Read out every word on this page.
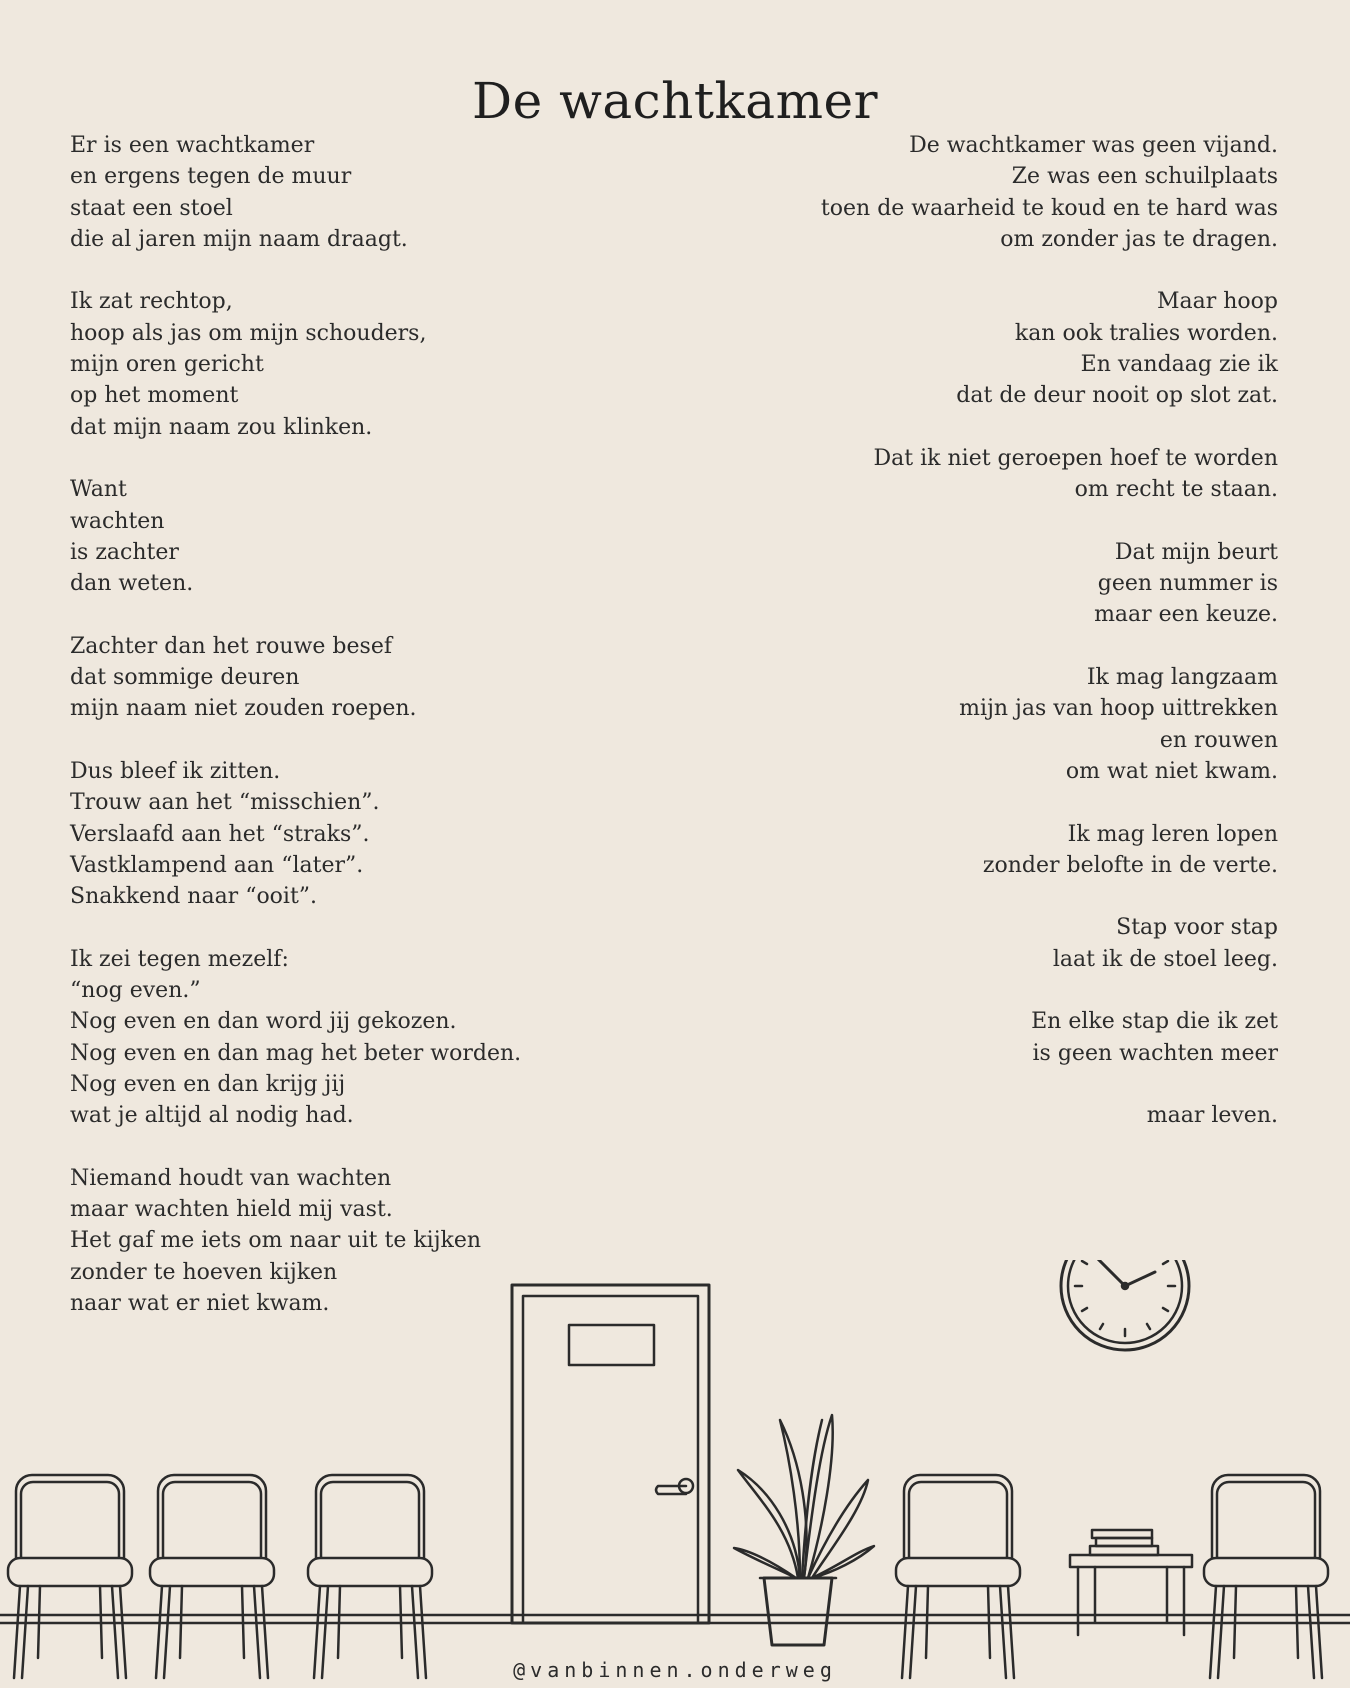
De wachtkamer
Er is een wachtkamer
en ergens tegen de muur
staat een stoel
die al jaren mijn naam draagt.
Ik zat rechtop,
hoop als jas om mijn schouders,
mijn oren gericht
op het moment
dat mijn naam zou klinken.
Want
wachten
is zachter
dan weten.
Zachter dan het rouwe besef
dat sommige deuren
mijn naam niet zouden roepen.
Dus bleef ik zitten.
Trouw aan het “misschien”.
Verslaafd aan het “straks”.
Vastklampend aan “later”.
Snakkend naar “ooit”.
Ik zei tegen mezelf:
“nog even.”
Nog even en dan word jij gekozen.
Nog even en dan mag het beter worden.
Nog even en dan krijg jij
wat je altijd al nodig had.
Niemand houdt van wachten
maar wachten hield mij vast.
Het gaf me iets om naar uit te kijken
zonder te hoeven kijken
naar wat er niet kwam.
De wachtkamer was geen vijand.
Ze was een schuilplaats
toen de waarheid te koud en te hard was
om zonder jas te dragen.
Maar hoop
kan ook tralies worden.
En vandaag zie ik
dat de deur nooit op slot zat.
Dat ik niet geroepen hoef te worden
om recht te staan.
Dat mijn beurt
geen nummer is
maar een keuze.
Ik mag langzaam
mijn jas van hoop uittrekken
en rouwen
om wat niet kwam.
Ik mag leren lopen
zonder belofte in de verte.
Stap voor stap
laat ik de stoel leeg.
En elke stap die ik zet
is geen wachten meer
maar leven.
@vanbinnen.onderweg
